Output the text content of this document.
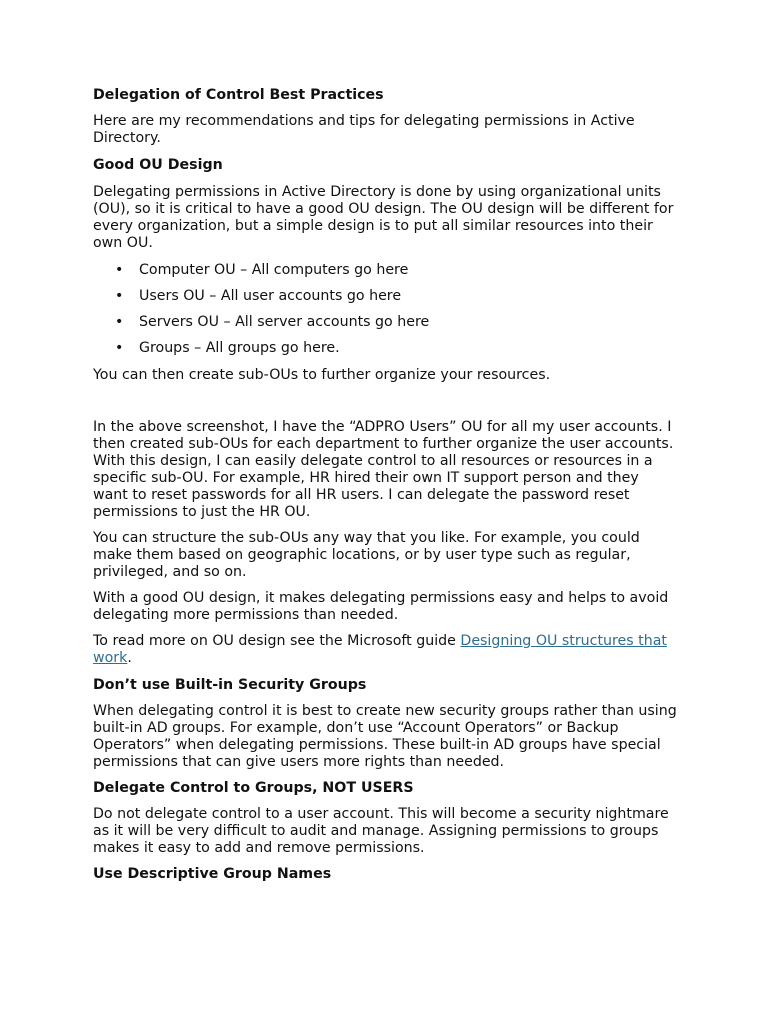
Delegation of Control Best Practices

Here are my recommendations and tips for delegating permissions in Active Directory.

Good OU Design

Delegating permissions in Active Directory is done by using organizational units (OU), so it is critical to have a good OU design. The OU design will be different for every organization, but a simple design is to put all similar resources into their own OU.

• Computer OU – All computers go here
• Users OU – All user accounts go here
• Servers OU – All server accounts go here
• Groups – All groups go here.

You can then create sub-OUs to further organize your resources.

In the above screenshot, I have the “ADPRO Users” OU for all my user accounts. I then created sub-OUs for each department to further organize the user accounts. With this design, I can easily delegate control to all resources or resources in a specific sub-OU. For example, HR hired their own IT support person and they want to reset passwords for all HR users. I can delegate the password reset permissions to just the HR OU.

You can structure the sub-OUs any way that you like. For example, you could make them based on geographic locations, or by user type such as regular, privileged, and so on.

With a good OU design, it makes delegating permissions easy and helps to avoid delegating more permissions than needed.

To read more on OU design see the Microsoft guide Designing OU structures that work.

Don’t use Built-in Security Groups

When delegating control it is best to create new security groups rather than using built-in AD groups. For example, don’t use “Account Operators” or Backup Operators” when delegating permissions. These built-in AD groups have special permissions that can give users more rights than needed.

Delegate Control to Groups, NOT USERS

Do not delegate control to a user account. This will become a security nightmare as it will be very difficult to audit and manage. Assigning permissions to groups makes it easy to add and remove permissions.

Use Descriptive Group Names
